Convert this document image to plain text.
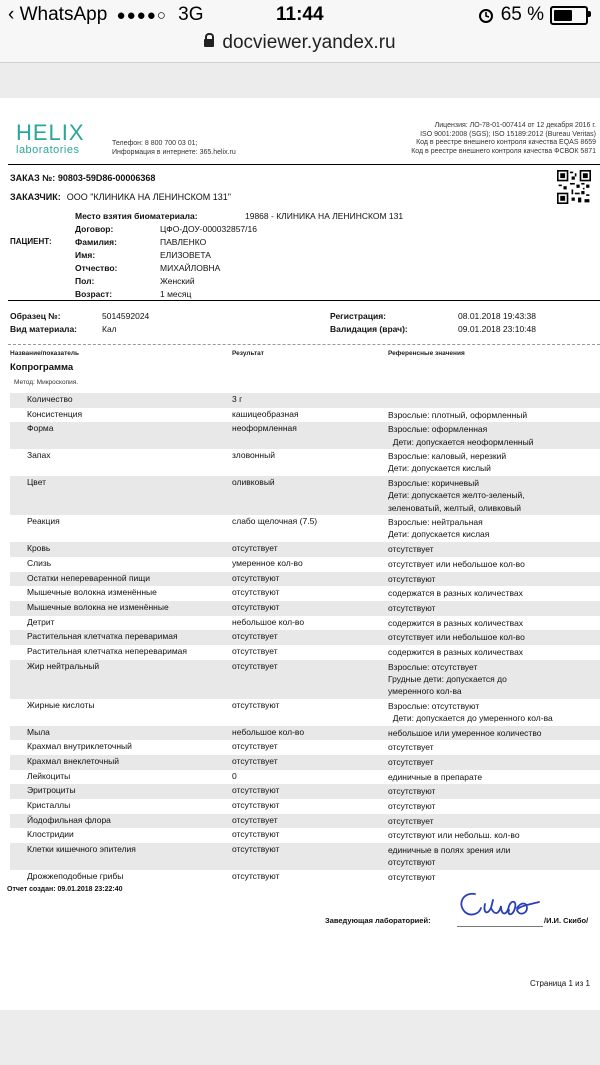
‹ WhatsApp ●●●●○ 3G	11:44	65 %
docviewer.yandex.ru
HELIX
laboratories
Телефон: 8 800 700 03 01;
Информация в интернете: 365.helix.ru
Лицензия: ЛО-78-01-007414 от 12 декабря 2016 г.
ISO 9001:2008 (SGS); ISO 15189:2012 (Bureau Veritas)
Код в реестре внешнего контроля качества EQAS 8659
Код в реестре внешнего контроля качества ФСВОК 5871
ЗАКАЗ №: 90803-59D86-00006368
ЗАКАЗЧИК: ООО "КЛИНИКА НА ЛЕНИНСКОМ 131"
ПАЦИЕНТ:
Место взятия биоматериала:	19868 - КЛИНИКА НА ЛЕНИНСКОМ 131
Договор:	ЦФО-ДОУ-000032857/16
Фамилия:	ПАВЛЕНКО
Имя:	ЕЛИЗОВЕТА
Отчество:	МИХАЙЛОВНА
Пол:	Женский
Возраст:	1 месяц
Образец №:	5014592024
Вид материала:	Кал
Регистрация:	08.01.2018 19:43:38
Валидация (врач):	09.01.2018 23:10:48
Название/показатель	Результат	Референсные значения
Копрограмма
Метод: Микроскопия.
Количество	3 г
Консистенция	кашицеобразная	Взрослые: плотный, оформленный
Форма	неоформленная	Взрослые: оформленная
Дети: допускается неоформленный
Запах	зловонный	Взрослые: каловый, нерезкий
Дети: допускается кислый
Цвет	оливковый	Взрослые: коричневый
Дети: допускается желто-зеленый,
зеленоватый, желтый, оливковый
Реакция	слабо щелочная (7.5)	Взрослые: нейтральная
Дети: допускается кислая
Кровь	отсутствует	отсутствует
Слизь	умеренное кол-во	отсутствует или небольшое кол-во
Остатки непереваренной пищи	отсутствуют	отсутствуют
Мышечные волокна изменённые	отсутствуют	содержатся в разных количествах
Мышечные волокна не изменённые	отсутствуют	отсутствуют
Детрит	небольшое кол-во	содержится в разных количествах
Растительная клетчатка переваримая	отсутствует	отсутствует или небольшое кол-во
Растительная клетчатка непереваримая	отсутствует	содержится в разных количествах
Жир нейтральный	отсутствует	Взрослые: отсутствует
Грудные дети: допускается до
умеренного кол-ва
Жирные кислоты	отсутствуют	Взрослые: отсутствуют
Дети: допускается до умеренного кол-ва
Мыла	небольшое кол-во	небольшое или умеренное количество
Крахмал внутриклеточный	отсутствует	отсутствует
Крахмал внеклеточный	отсутствует	отсутствует
Лейкоциты	0	единичные в препарате
Эритроциты	отсутствуют	отсутствуют
Кристаллы	отсутствуют	отсутствуют
Йодофильная флора	отсутствует	отсутствует
Клостридии	отсутствуют	отсутствуют или небольш. кол-во
Клетки кишечного эпителия	отсутствуют	единичные в полях зрения или
отсутствуют
Дрожжеподобные грибы	отсутствуют	отсутствуют
Отчет создан: 09.01.2018 23:22:40
Заведующая лабораторией:	/И.И. Скибо/
Страница 1 из 1
